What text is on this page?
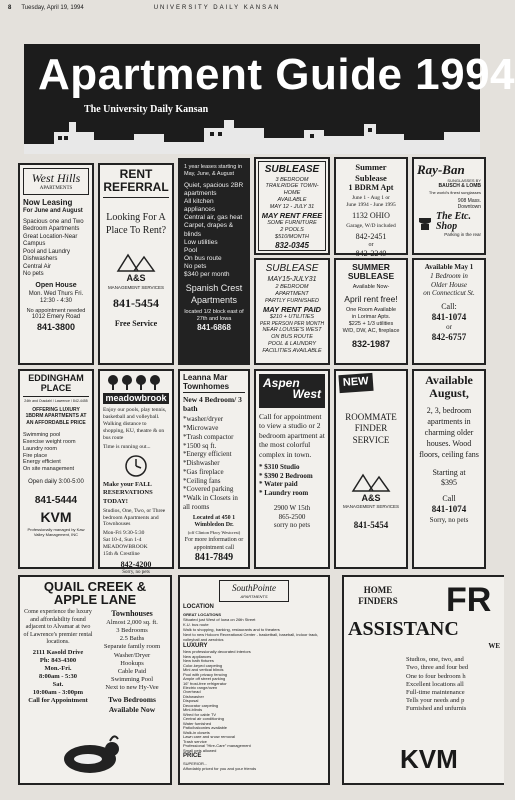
8 Tuesday, April 19, 1994	UNIVERSITY DAILY KANSAN
Apartment Guide 1994
The University Daily Kansan
West Hills
APARTMENTS
Now Leasing
For June and August
Spacious one and Two Bedroom Apartments
Great Location-Near Campus
Pool and Laundry
Dishwashers
Central Air
No pets
Open House
Mon. Wed Thurs Fri. 12:30 - 4:30
No appointment needed
1012 Emery Road
841-3800
RENT REFERRAL
Looking For A Place To Rent?
A&S
MANAGEMENT SERVICES
841-5454
Free Service
1 year leases starting in May, June, & August
Quiet, spacious 2BR apartments
All kitchen appliances
Central air, gas heat
Carpet, drapes & blinds
Low utilities
Pool
On bus route
No pets
$340 per month
Spanish Crest Apartments
located 1/2 block east of 27th and Iowa
841-6868
SUBLEASE
3 BEDROOM
TRAILRIDGE TOWN-
HOME
AVAILABLE
MAY 12 - JULY 31
MAY RENT FREE
SOME FURNITURE
2 POOLS
$510/MONTH
832-0345
SUBLEASE
MAY15-JULY31
2 BEDROOM APARTMENT
PARTLY FURNISHED
MAY RENT PAID
$210 + UTILITIES
PER PERSON PER MONTH
NEAR LOUISE'S WEST
ON BUS ROUTE
POOL & LAUNDRY
FACILITIES AVAILABLE
Summer Sublease
1 BDRM Apt
June 1 - Aug 1 or
June 1994 - June 1995
1132 OHIO
Garage, W/D included
842-2451
or
842-2249
SUMMER SUBLEASE
Available Now-
April rent free!
One Room Available
in Lorimar Apts.
$225 + 1/3 utilities
W/D, DW, AC, fireplace
832-1987
Ray-Ban
SUNGLASSES BY
BAUSCH & LOMB
The world's finest sunglasses
908 Mass.
Downtown
The Etc. Shop
Parking in the rear
Available May 1
1 Bedroom in
Older House
on Connecticut St.
Call:
841-1074
or
842-6757
EDDINGHAM PLACE
24th and Ousdahl / Lawrence / 842-4455
OFFERING LUXURY 1BDRM APARTMENTS AT AN AFFORDABLE PRICE
Swimming pool
Exercise weight room
Laundry room
Fire place
Energy efficient
On site management
Open daily 3:00-5:00
841-5444
KVM
Professionally managed by Kaw Valley Management, INC
meadowbrook
Enjoy our pools, play tennis, basketball and volleyball. Walking distance to shopping, KU, theatre & on bus route
Time is running out...
Make your FALL RESERVATIONS TODAY!
Studios, One, Two, or Three bedroom Apartments and Townhouses
Mon-Fri 9:30-5:30
Sat 10-4, Sun 1-4
MEADOWBROOK
15th & Crestline
842-4200
Sorry, no pets
Leanna Mar Townhomes
New 4 Bedroom/ 3 bath
*washer/dryer
*Microwave
*Trash compactor
*1500 sq ft.
*Energy efficient
*Dishwasher
*Gas fireplace
*Ceiling fans
*Covered parking
*Walk in Closets in all rooms
Located at 450 1 Wimbledon Dr.
(off Clinton Pkwy Westcrest)
For more information or appointment call
841-7849
Aspen
West
Call for appointment to view a studio or 2 bedroom apartment at the most colorful complex in town.
* $310 Studio
* $390 2 Bedroom
* Water paid
* Laundry room
2900 W 15th
865-2500
sorry no pets
NEW
ROOMMATE FINDER SERVICE
A&S
MANAGEMENT SERVICES
841-5454
Available August,
2, 3, bedroom apartments in charming older houses. Wood floors, ceiling fans
Starting at
$395
Call
841-1074
Sorry, no pets
QUAIL CREEK &
APPLE LANE
Come experience the luxury and affordability found adjacent to Alvamar at two of Lawrence's premier rental locations.
2111 Kasold Drive
Ph: 843-4300
Mon.-Fri.
8:00am - 5:30
Sat.
10:00am - 3:00pm
Call for Appointment
Townhouses
Almost 2,000 sq. ft.
3 Bedrooms
2.5 Baths
Separate family room
Washer/Dryer
Hookups
Cable Paid
Swimming Pool
Next to new Hy-Vee
Two Bedrooms Available Now
SouthPointe
APARTMENTS
LOCATION
GREAT LOCATIONS
Situated just West of Iowa on 26th Street
K.U. bus route
Walk to shopping, banking, restaurants and to theaters
Next to new Holcom Recreational Center - basketball, baseball, indoor track, volleyball and aerobics
LUXURY
New professionally decorated interiors
New appliances
New bath fixtures
Color-keyed carpeting
Mini and vertical blinds
Pool with privacy fencing
Ample off street parking
16" frost-free refrigerator
Electric range/oven
Overhead
Dishwasher
Disposal
Decorator carpeting
Mini-blinds
Wired for cable TV
Central air conditioning
Water furnished
Patio/balconies available
Walk-in closets
Lawn care and snow removal
Trash service
Professional "Hire-Care" management
Small pets allowed
PRICE
SUPERIOR...
Affordably priced for you and your friends
HOME FINDERS	FR
ASSISTANC
WE
Studios, one, two, and
Two, three and four bed
One to four bedroom h
Excellent locations all
Full-time maintenance
Tells your needs and p
Furnished and unfurnis
KVM
